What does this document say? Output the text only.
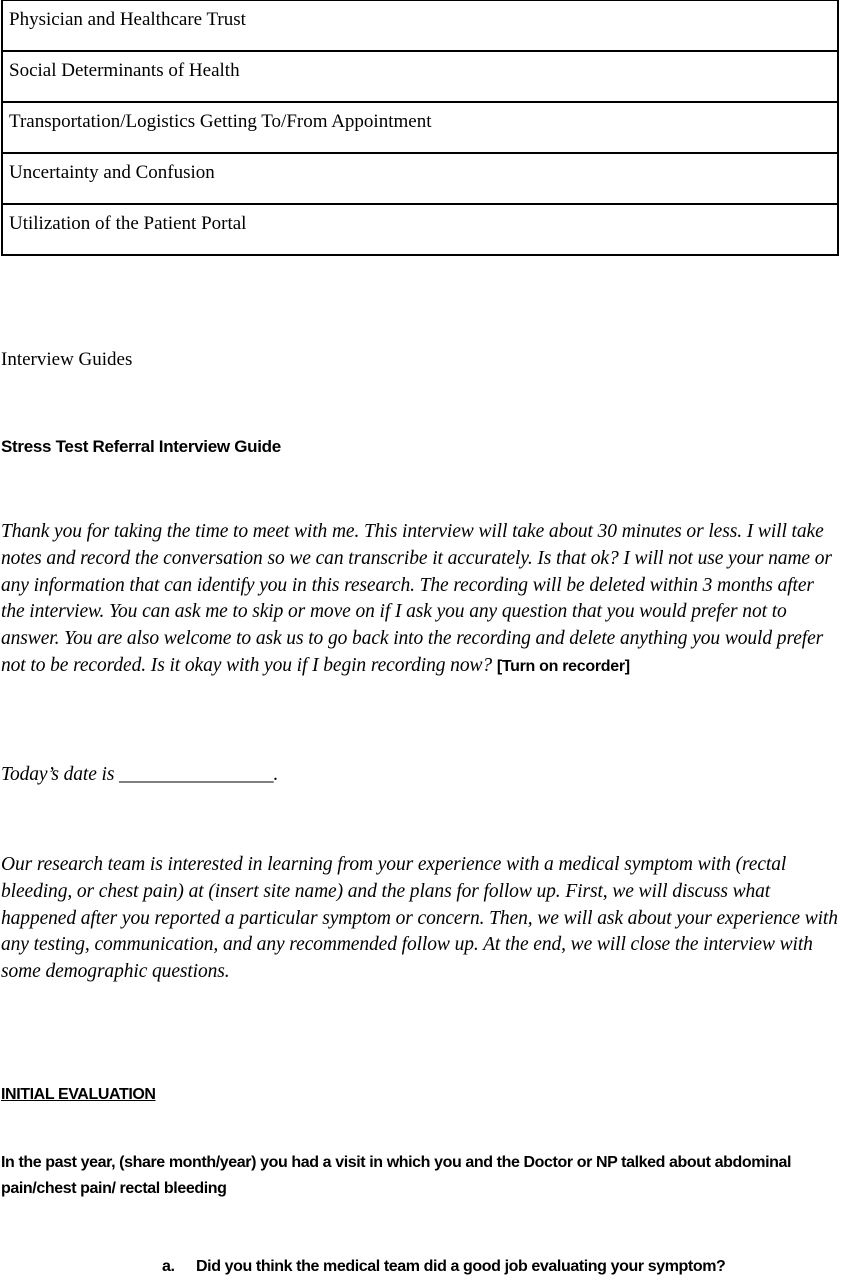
Physician and Healthcare Trust
Social Determinants of Health
Transportation/Logistics Getting To/From Appointment
Uncertainty and Confusion
Utilization of the Patient Portal
Interview Guides
Stress Test Referral Interview Guide

Thank you for taking the time to meet with me. This interview will take about 30 minutes or less. I will take notes and record the conversation so we can transcribe it accurately. Is that ok? I will not use your name or any information that can identify you in this research. The recording will be deleted within 3 months after the interview. You can ask me to skip or move on if I ask you any question that you would prefer not to answer. You are also welcome to ask us to go back into the recording and delete anything you would prefer not to be recorded. Is it okay with you if I begin recording now? [Turn on recorder]

Today’s date is ________________.

Our research team is interested in learning from your experience with a medical symptom with (rectal bleeding, or chest pain) at (insert site name) and the plans for follow up. First, we will discuss what happened after you reported a particular symptom or concern. Then, we will ask about your experience with any testing, communication, and any recommended follow up. At the end, we will close the interview with some demographic questions.

INITIAL EVALUATION

In the past year, (share month/year) you had a visit in which you and the Doctor or NP talked about abdominal pain/chest pain/ rectal bleeding

a. Did you think the medical team did a good job evaluating your symptom?
